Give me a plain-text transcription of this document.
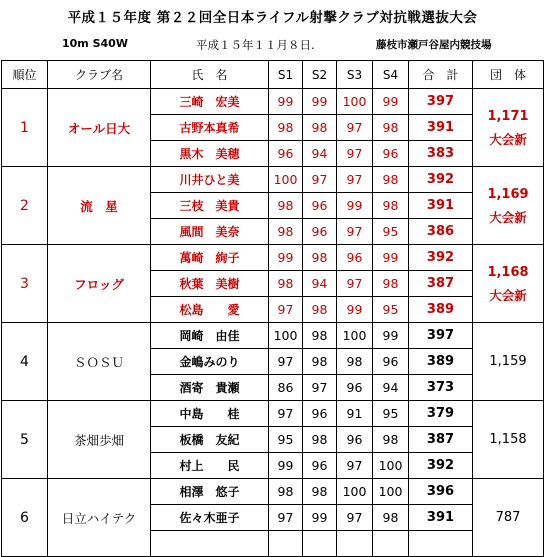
平成１５年度 第２２回全日本ライフル射撃クラブ対抗戦選抜大会
10m S40W	平成１５年１１月８日.	藤枝市瀬戸谷屋内競技場
順位	クラブ名	氏　名	S1	S2	S3	S4	合　計	団　体
1	オール日大	三崎　宏美	99	99	100	99	397	1,171
大会新

		古野本真希	98	98	97	98	391	
		黒木　美穂	96	94	97	96	383	
2	流　星	川井ひと美	100	97	97	98	392	1,169
大会新

		三枝　美貴	98	96	99	98	391	
		風間　美奈	98	96	97	95	386	
3	フロッグ	萬崎　絢子	99	98	96	99	392	1,168
大会新

		秋葉　美樹	98	94	97	98	387	
		松島　　愛	97	98	99	95	389	
4	ＳＯＳＵ	岡崎　由佳	100	98	100	99	397	1,159

		金嶋みのり	97	98	98	96	389	
		酒寄　貴瀬	86	97	96	94	373	
5	茶畑歩畑	中島　　桂	97	96	91	95	379	1,158

		板橋　友紀	95	98	96	98	387	
		村上　　民	99	96	97	100	392	
6	日立ハイテク	相澤　悠子	98	98	100	100	396	787

		佐々木亜子	97	99	97	98	391	
